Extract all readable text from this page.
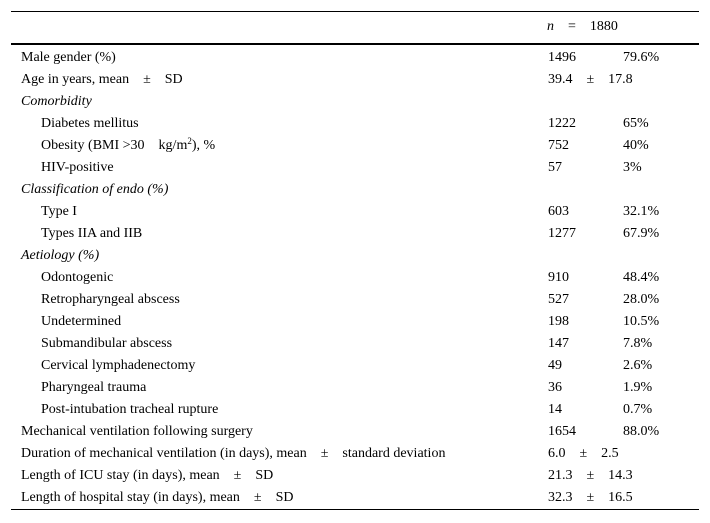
n    =    1880
Male gender (%)	1496	79.6%
Age in years, mean    ±    SD	39.4    ±    17.8
Comorbidity
Diabetes mellitus	1222	65%
Obesity (BMI >30    $kg/m^2$), %	752	40%
HIV-positive	57	3%
Classification of endo (%)
Type I	603	32.1%
Types IIA and IIB	1277	67.9%
Aetiology (%)
Odontogenic	910	48.4%
Retropharyngeal abscess	527	28.0%
Undetermined	198	10.5%
Submandibular abscess	147	7.8%
Cervical lymphadenectomy	49	2.6%
Pharyngeal trauma	36	1.9%
Post-intubation tracheal rupture	14	0.7%
Mechanical ventilation following surgery	1654	88.0%
Duration of mechanical ventilation (in days), mean    ±    standard deviation	6.0    ±    2.5
Length of ICU stay (in days), mean    ±    SD	21.3    ±    14.3
Length of hospital stay (in days), mean    ±    SD	32.3    ±    16.5
